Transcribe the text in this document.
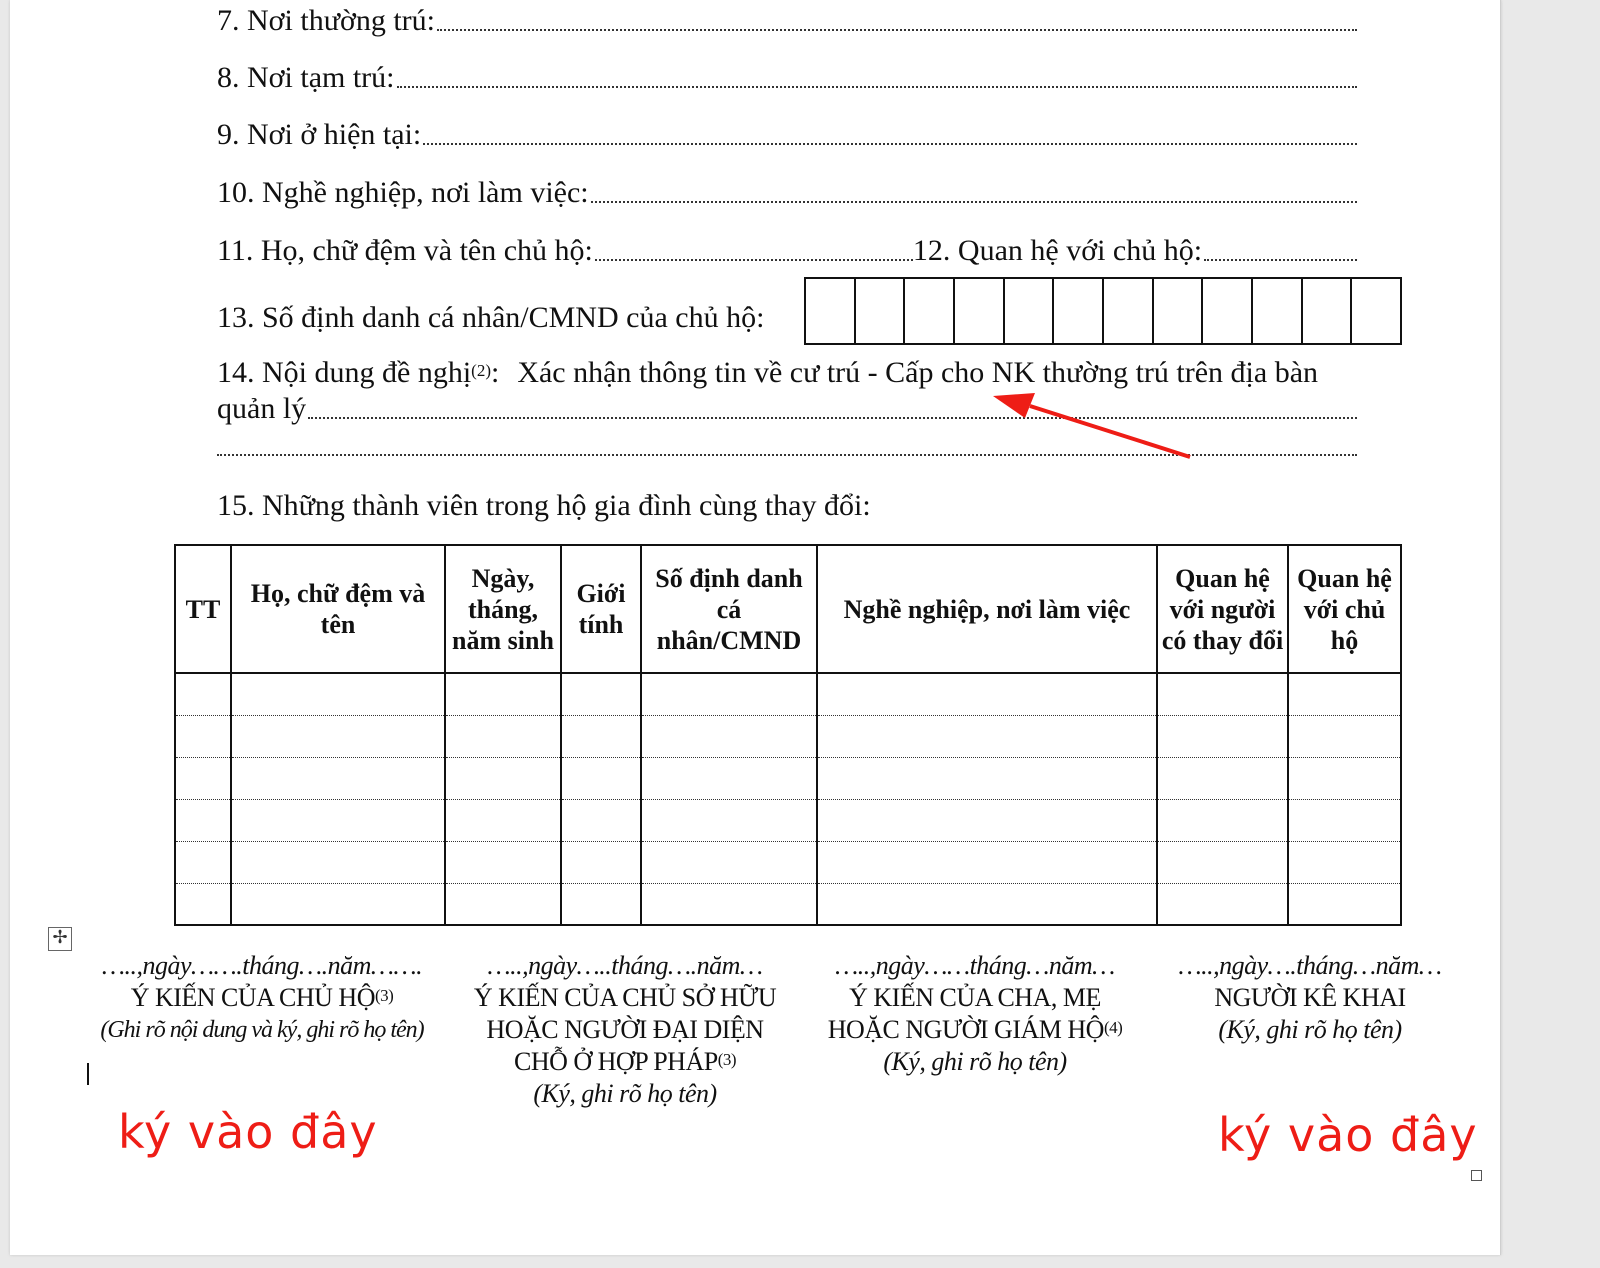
7. Nơi thường trú:
8. Nơi tạm trú:
9. Nơi ở hiện tại:
10. Nghề nghiệp, nơi làm việc:
11. Họ, chữ đệm và tên chủ hộ:	12. Quan hệ với chủ hộ:
13. Số định danh cá nhân/CMND của chủ hộ:
14. Nội dung đề nghị$^{(2)}$ : Xác nhận thông tin về cư trú - Cấp cho NK thường trú trên địa bàn
quản lý
15. Những thành viên trong hộ gia đình cùng thay đổi:
TT	Họ, chữ đệm và tên	Ngày, tháng, năm sinh	Giới tính	Số định danh cá nhân/CMND	Nghề nghiệp, nơi làm việc	Quan hệ với người có thay đổi	Quan hệ với chủ hộ

✢
…..,ngày…….tháng….năm…….
Ý KIẾN CỦA CHỦ HỘ$^{(3)}$
(Ghi rõ nội dung và ký, ghi rõ họ tên)
…..,ngày…..tháng….năm…
Ý KIẾN CỦA CHỦ SỞ HỮU
HOẶC NGƯỜI ĐẠI DIỆN
CHỖ Ở HỢP PHÁP$^{(3)}$
(Ký, ghi rõ họ tên)
…..,ngày……tháng…năm…
Ý KIẾN CỦA CHA, MẸ
HOẶC NGƯỜI GIÁM HỘ$^{(4)}$
(Ký, ghi rõ họ tên)
…..,ngày….tháng…năm…
NGƯỜI KÊ KHAI
(Ký, ghi rõ họ tên)
ký vào đây	ký vào đây
